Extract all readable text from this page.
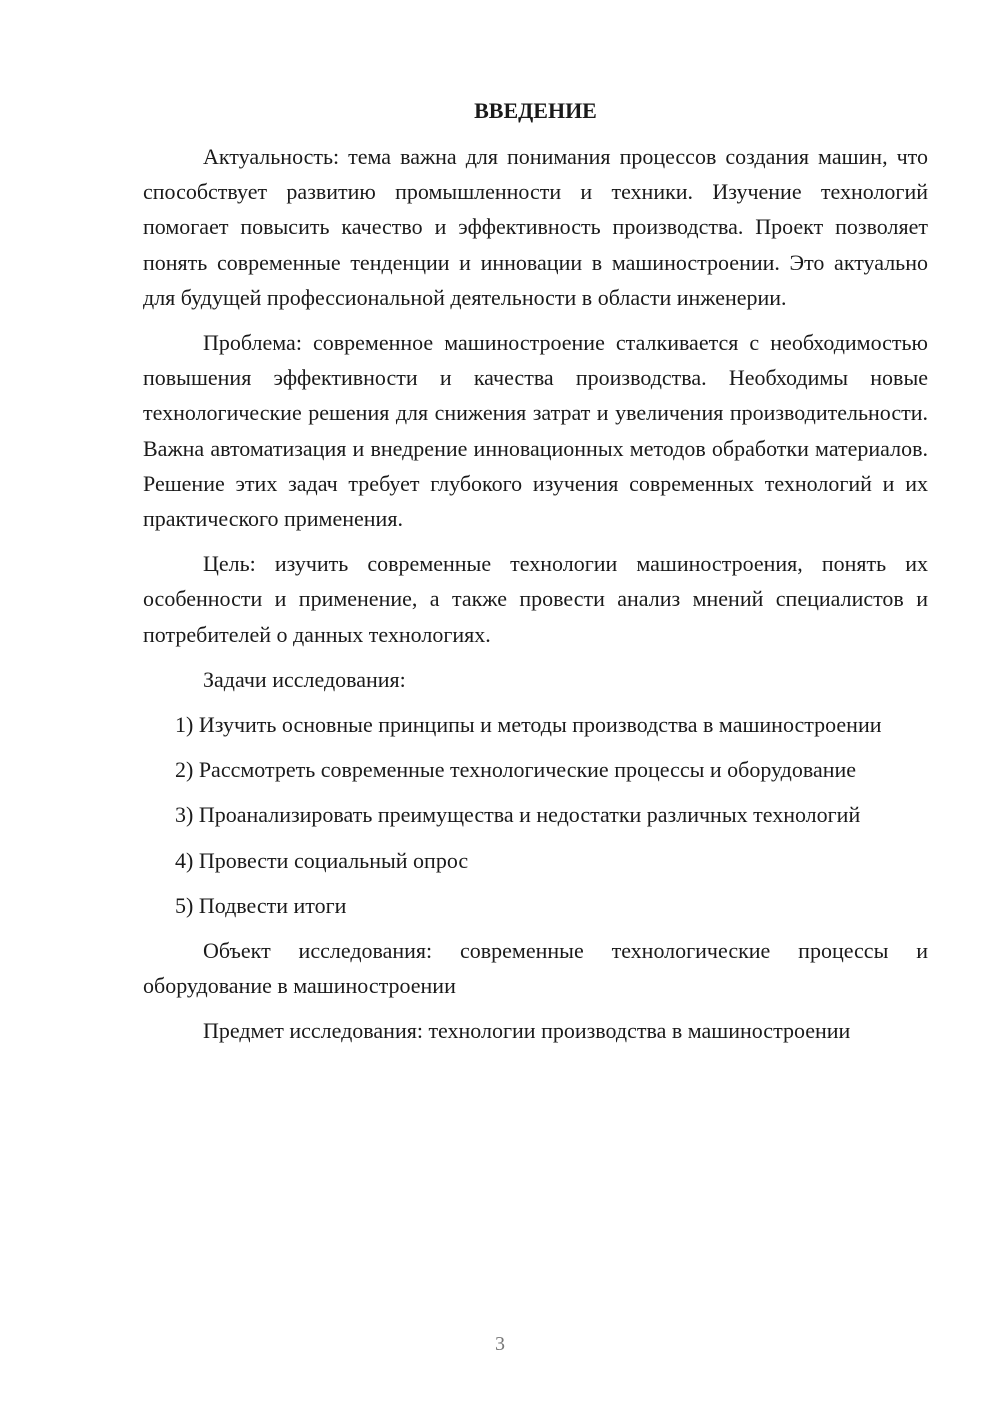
ВВЕДЕНИЕ

Актуальность: тема важна для понимания процессов создания машин, что способствует развитию промышленности и техники. Изучение технологий помогает повысить качество и эффективность производства. Проект позволяет понять современные тенденции и инновации в машиностроении. Это актуально для будущей профессиональной деятельности в области инженерии.

Проблема: современное машиностроение сталкивается с необходимостью повышения эффективности и качества производства. Необходимы новые технологические решения для снижения затрат и увеличения производительности. Важна автоматизация и внедрение инновационных методов обработки материалов. Решение этих задач требует глубокого изучения современных технологий и их практического применения.

Цель: изучить современные технологии машиностроения, понять их особенности и применение, а также провести анализ мнений специалистов и потребителей о данных технологиях.

Задачи исследования:

1) Изучить основные принципы и методы производства в машиностроении

2) Рассмотреть современные технологические процессы и оборудование

3) Проанализировать преимущества и недостатки различных технологий

4) Провести социальный опрос

5) Подвести итоги

Объект исследования: современные технологические процессы и оборудование в машиностроении

Предмет исследования: технологии производства в машиностроении

3
